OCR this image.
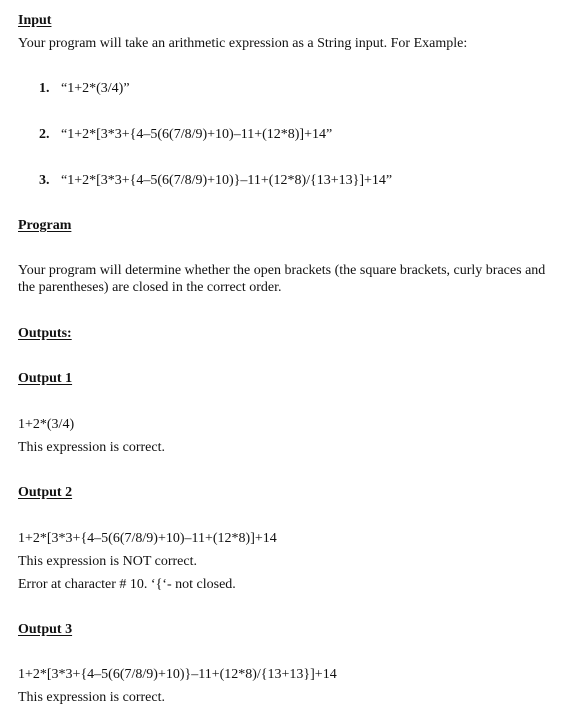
Input
Your program will take an arithmetic expression as a String input. For Example:
1. “1+2*(3/4)”
2. “1+2*[3*3+{4–5(6(7/8/9)+10)–11+(12*8)]+14”
3. “1+2*[3*3+{4–5(6(7/8/9)+10)}–11+(12*8)/{13+13}]+14”
Program
Your program will determine whether the open brackets (the square brackets, curly braces and the parentheses) are closed in the correct order.
Outputs:
Output 1
1+2*(3/4)
This expression is correct.
Output 2
1+2*[3*3+{4–5(6(7/8/9)+10)–11+(12*8)]+14
This expression is NOT correct.
Error at character # 10. ‘{‘- not closed.
Output 3
1+2*[3*3+{4–5(6(7/8/9)+10)}–11+(12*8)/{13+13}]+14
This expression is correct.
